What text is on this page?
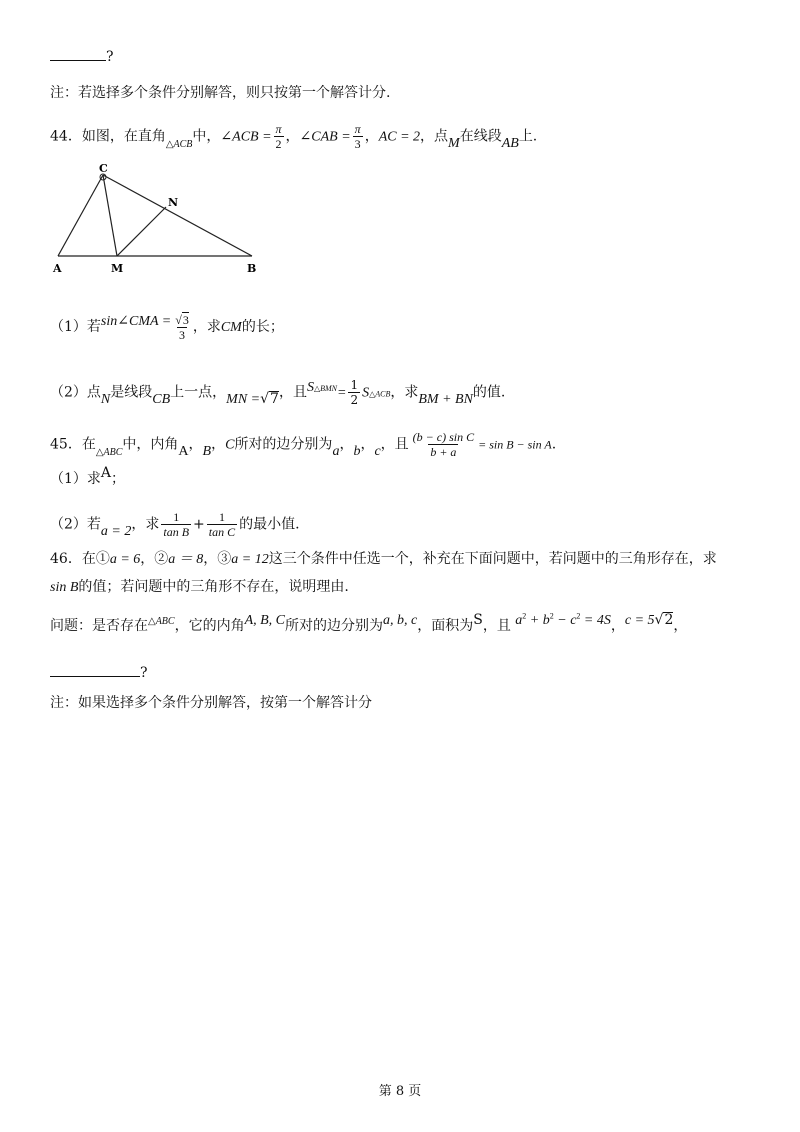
?
注：若选择多个条件分别解答，则只按第一个解答计分.
44．如图，在直角$_{\triangle ACB}$中，∠ACB = $\frac{\pi}{2}$ ，∠CAB = $\frac{\pi}{3}$ ，AC = 2，点M在线段AB上.
C
N
A	M	B
（1）若sin∠CMA = $\frac{√3}{3}$ ，求CM的长；
（2）点N是线段CB上一点，MN =√7，且$S^{\triangle BMN}= \frac{1}{2}$ S△ACB，求BM + BN的值.
45．在$_{\triangle ABC}$中，内角A，B，C所对的边分别为a，b，c，且 $\frac{\text{(b − c) sin C}}{b + a} = \sin B - \sin A$.
（1）求A；
（2）若a = 2，求 $\frac{1}{\text{tan B}} + \frac{1}{\text{tan C}}$ 的最小值.
46．在①a = 6，②a ＝ 8，③a = 12这三个条件中任选一个，补充在下面问题中，若问题中的三角形存在，求
sin B的值；若问题中的三角形不存在，说明理由.
问题：是否存在$^{\triangle ABC}$，它的内角A, B, C所对的边分别为a, b, c，面积为S，且 $a^2 + b^2 - c^2 = 4S$，c = 5√2，
?
注：如果选择多个条件分别解答，按第一个解答计分
第 8 页
